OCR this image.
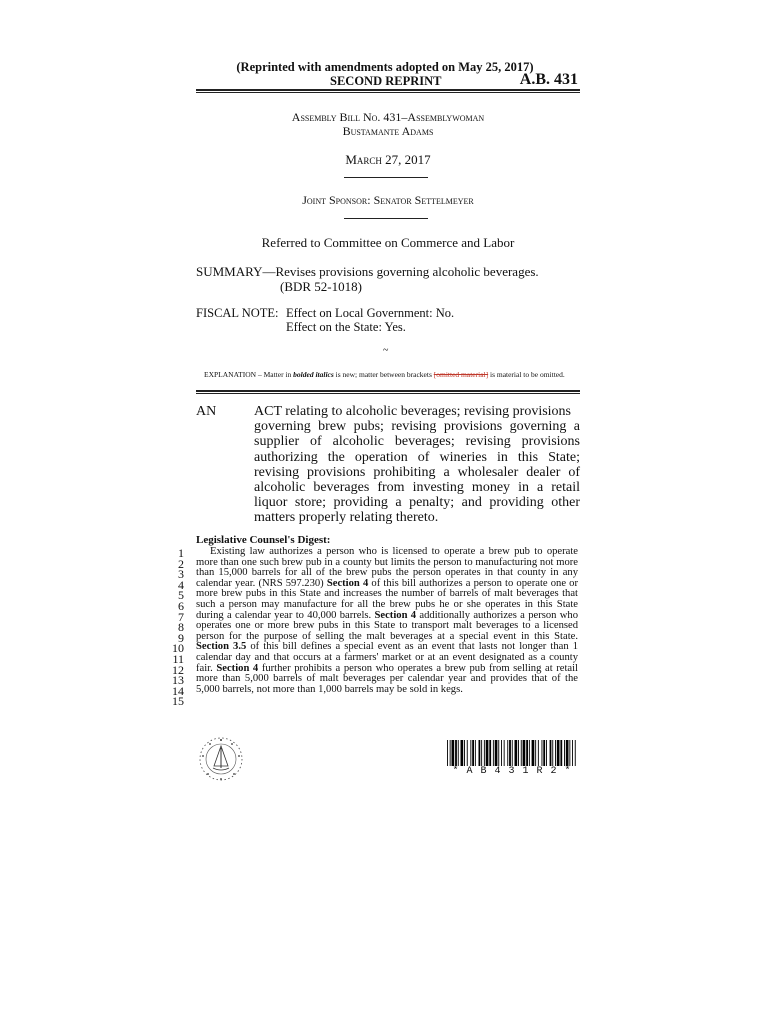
(Reprinted with amendments adopted on May 25, 2017)
SECOND REPRINT	A.B. 431
Assembly Bill No. 431–Assemblywoman
Bustamante Adams
March 27, 2017
Joint Sponsor: Senator Settelmeyer
Referred to Committee on Commerce and Labor
SUMMARY—Revises provisions governing alcoholic beverages.
(BDR 52-1018)
FISCAL NOTE: Effect on Local Government: No.
Effect on the State: Yes.
~
EXPLANATION – Matter in bolded italics is new; matter between brackets [omitted material] is material to be omitted.
AN	ACT relating to alcoholic beverages; revising provisions
governing brew pubs; revising provisions governing a supplier of alcoholic beverages; revising provisions authorizing the operation of wineries in this State; revising provisions prohibiting a wholesaler dealer of alcoholic beverages from investing money in a retail liquor store; providing a penalty; and providing other matters properly relating thereto.
Legislative Counsel's Digest:
1
2
3
4
5
6
7
8
9
10
11
12
13
14
15

Existing law authorizes a person who is licensed to operate a brew pub to operate more than one such brew pub in a county but limits the person to manufacturing not more than 15,000 barrels for all of the brew pubs the person operates in that county in any calendar year. (NRS 597.230) Section 4 of this bill authorizes a person to operate one or more brew pubs in this State and increases the number of barrels of malt beverages that such a person may manufacture for all the brew pubs he or she operates in this State during a calendar year to 40,000 barrels. Section 4 additionally authorizes a person who operates one or more brew pubs in this State to transport malt beverages to a licensed person for the purpose of selling the malt beverages at a special event in this State. Section 3.5 of this bill defines a special event as an event that lasts not longer than 1 calendar day and that occurs at a farmers' market or at an event designated as a county fair. Section 4 further prohibits a person who operates a brew pub from selling at retail more than 5,000 barrels of malt beverages per calendar year and provides that of the 5,000 barrels, not more than 1,000 barrels may be sold in kegs.

* A B 4 3 1 R 2 *
